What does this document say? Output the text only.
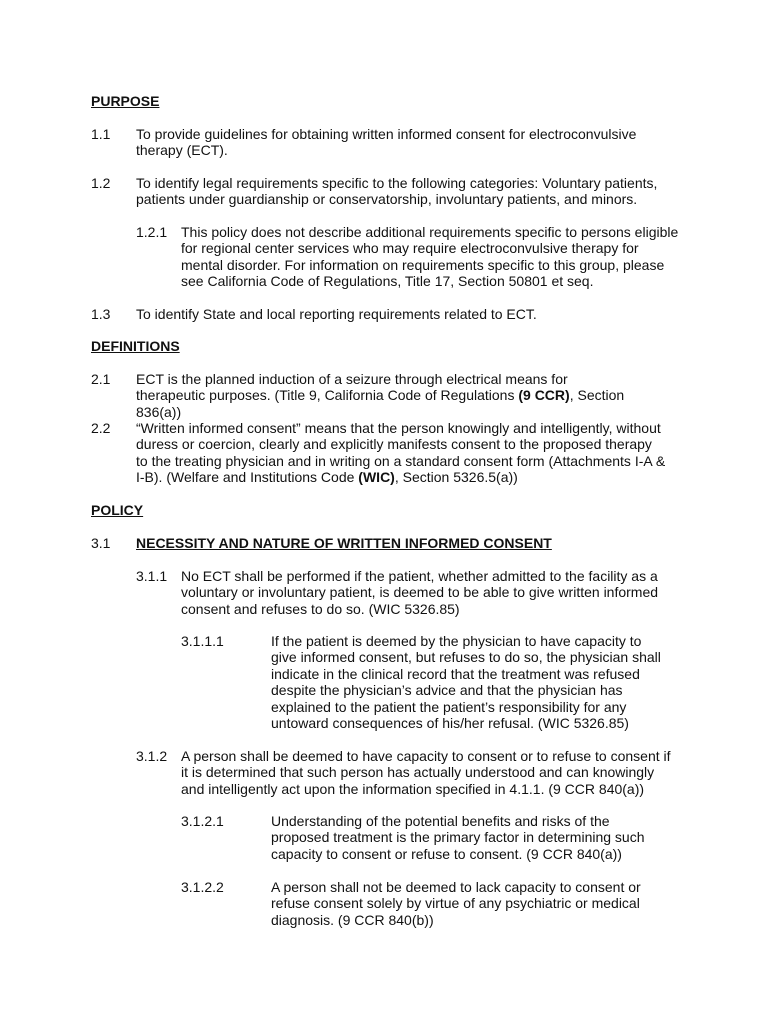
PURPOSE
1.1 To provide guidelines for obtaining written informed consent for electroconvulsive therapy (ECT).
1.2 To identify legal requirements specific to the following categories: Voluntary patients, patients under guardianship or conservatorship, involuntary patients, and minors.
1.2.1 This policy does not describe additional requirements specific to persons eligible for regional center services who may require electroconvulsive therapy for mental disorder. For information on requirements specific to this group, please see California Code of Regulations, Title 17, Section 50801 et seq.
1.3 To identify State and local reporting requirements related to ECT.
DEFINITIONS
2.1 ECT is the planned induction of a seizure through electrical means for therapeutic purposes. (Title 9, California Code of Regulations (9 CCR), Section 836(a))
2.2 “Written informed consent” means that the person knowingly and intelligently, without duress or coercion, clearly and explicitly manifests consent to the proposed therapy to the treating physician and in writing on a standard consent form (Attachments I-A & I-B). (Welfare and Institutions Code (WIC), Section 5326.5(a))
POLICY
3.1 NECESSITY AND NATURE OF WRITTEN INFORMED CONSENT
3.1.1 No ECT shall be performed if the patient, whether admitted to the facility as a voluntary or involuntary patient, is deemed to be able to give written informed consent and refuses to do so. (WIC 5326.85)
3.1.1.1	If the patient is deemed by the physician to have capacity to give informed consent, but refuses to do so, the physician shall indicate in the clinical record that the treatment was refused despite the physician’s advice and that the physician has explained to the patient the patient’s responsibility for any untoward consequences of his/her refusal. (WIC 5326.85)
3.1.2 A person shall be deemed to have capacity to consent or to refuse to consent if it is determined that such person has actually understood and can knowingly and intelligently act upon the information specified in 4.1.1. (9 CCR 840(a))
3.1.2.1	Understanding of the potential benefits and risks of the proposed treatment is the primary factor in determining such capacity to consent or refuse to consent. (9 CCR 840(a))
3.1.2.2	A person shall not be deemed to lack capacity to consent or refuse consent solely by virtue of any psychiatric or medical diagnosis. (9 CCR 840(b))
